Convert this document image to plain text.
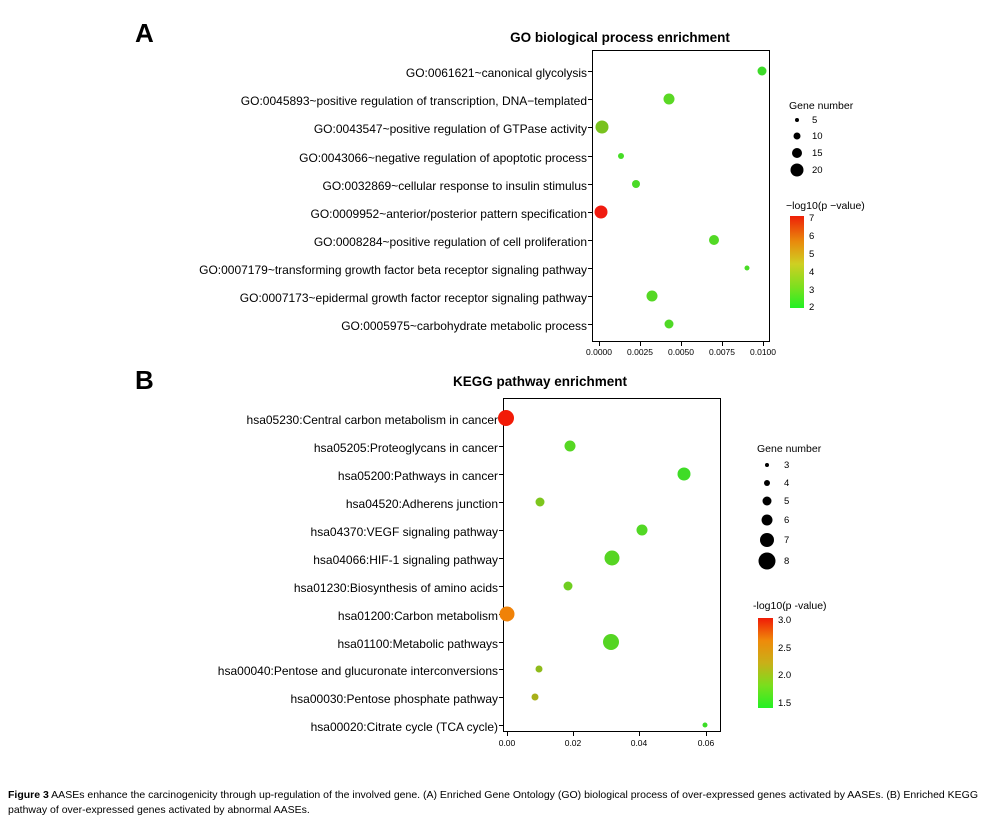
A	GO biological process enrichment
GO:0061621~canonical glycolysis
GO:0045893~positive regulation of transcription, DNA−templated
GO:0043547~positive regulation of GTPase activity
GO:0043066~negative regulation of apoptotic process
GO:0032869~cellular response to insulin stimulus
GO:0009952~anterior/posterior pattern specification
GO:0008284~positive regulation of cell proliferation
GO:0007179~transforming growth factor beta receptor signaling pathway
GO:0007173~epidermal growth factor receptor signaling pathway
GO:0005975~carbohydrate metabolic process
0.0000	0.0025	0.0050	0.0075	0.0100
Gene number
5
10
15
20
−log10(p −value)
7
6
5
4
3
2
B	KEGG pathway enrichment
hsa05230:Central carbon metabolism in cancer
hsa05205:Proteoglycans in cancer
hsa05200:Pathways in cancer
hsa04520:Adherens junction
hsa04370:VEGF signaling pathway
hsa04066:HIF-1 signaling pathway
hsa01230:Biosynthesis of amino acids
hsa01200:Carbon metabolism
hsa01100:Metabolic pathways
hsa00040:Pentose and glucuronate interconversions
hsa00030:Pentose phosphate pathway
hsa00020:Citrate cycle (TCA cycle)
0.00	0.02	0.04	0.06
Gene number
3
4
5
6
7
8
-log10(p -value)
3.0
2.5
2.0
1.5
Figure 3 AASEs enhance the carcinogenicity through up-regulation of the involved gene. (A) Enriched Gene Ontology (GO) biological process of over-expressed genes activated by AASEs. (B) Enriched KEGG pathway of over-expressed genes activated by abnormal AASEs.
